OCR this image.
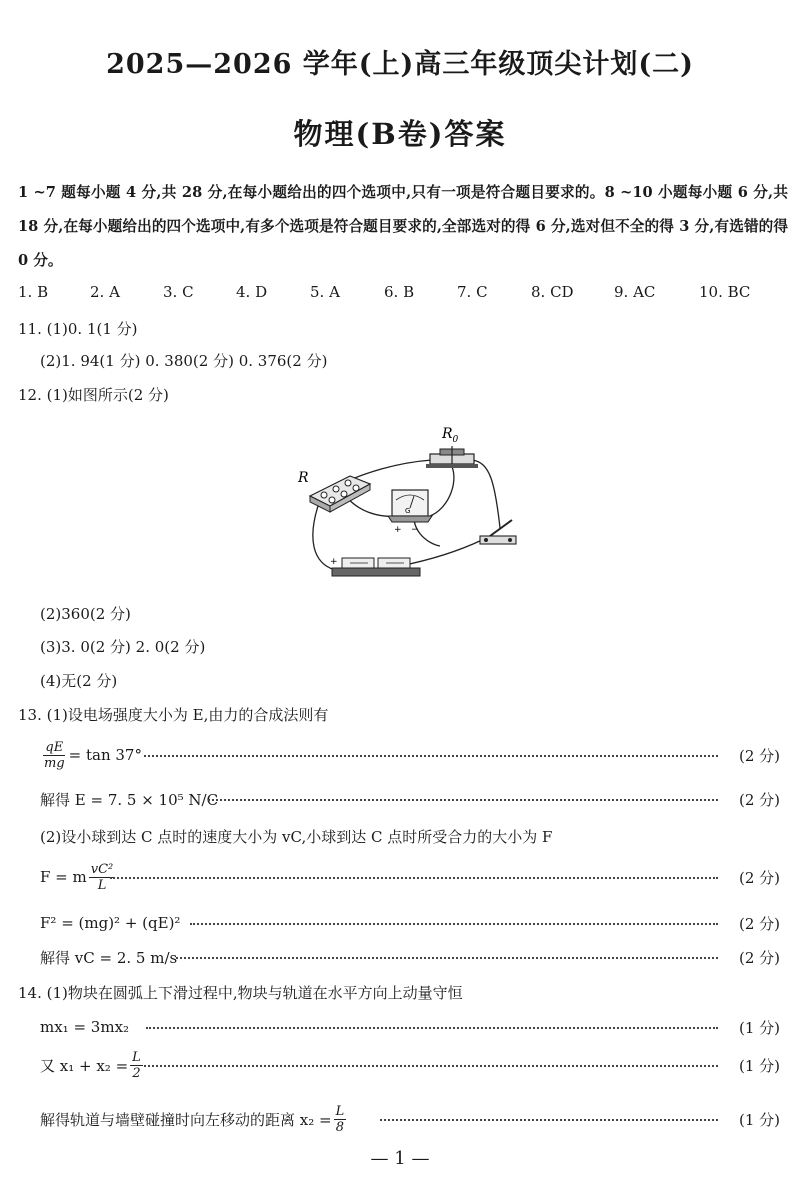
2025—2026 学年(上)高三年级顶尖计划(二)
物理(B卷)答案
1 ~7 题每小题 4 分,共 28 分,在每小题给出的四个选项中,只有一项是符合题目要求的。8 ~10 小题每小题 6 分,共 18 分,在每小题给出的四个选项中,有多个选项是符合题目要求的,全部选对的得 6 分,选对但不全的得 3 分,有选错的得 0 分。
1. B	2. A	3. C	4. D	5. A	6. B	7. C	8. CD	9. AC	10. BC
11. (1)0. 1(1 分)
(2)1. 94(1 分) 0. 380(2 分) 0. 376(2 分)
12. (1)如图所示(2 分)
$R_0$
R
G
+ −
+
(2)360(2 分)
(3)3. 0(2 分) 2. 0(2 分)
(4)无(2 分)
13. (1)设电场强度大小为 E,由力的合成法则有
$\frac{qE}{mg} = \tan 37^\circ$	(2 分)
解得 E = 7. 5 × 10⁵ N/C	(2 分)
(2)设小球到达 C 点时的速度大小为 vC,小球到达 C 点时所受合力的大小为 F
F = m $\frac{\text{vC²}}{L}$	(2 分)
F² = (mg)² + (qE)²	(2 分)
解得 vC = 2. 5 m/s	(2 分)
14. (1)物块在圆弧上下滑过程中,物块与轨道在水平方向上动量守恒
mx₁ = 3mx₂	(1 分)
又 $x_1 + x_2 = \frac{L}{2}$	(1 分)
解得轨道与墙壁碰撞时向左移动的距离 $x_2 = \frac{L}{8}$	(1 分)
— 1 —
